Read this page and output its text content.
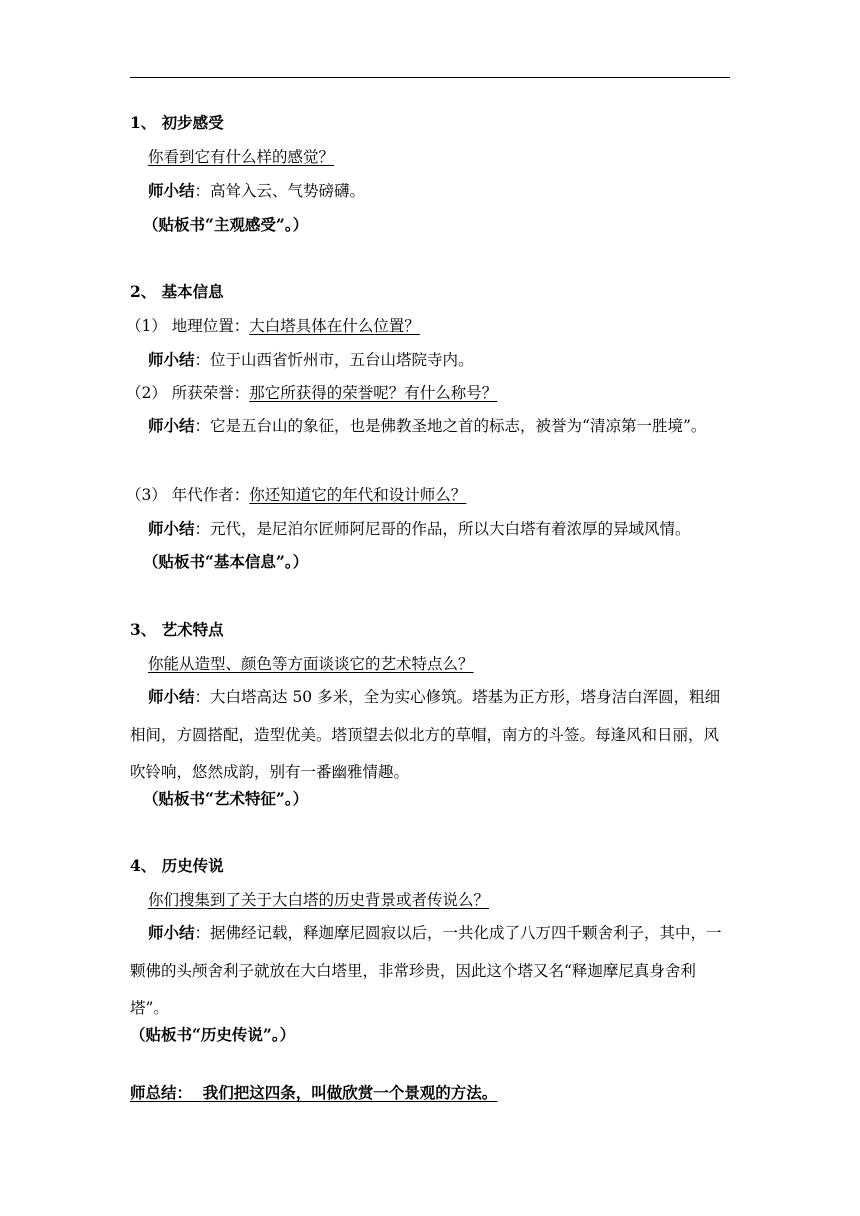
1、 初步感受
你看到它有什么样的感觉？
师小结：高耸入云、气势磅礴。
（贴板书“主观感受”。）
2、 基本信息
（1） 地理位置：大白塔具体在什么位置？
师小结：位于山西省忻州市，五台山塔院寺内。
（2） 所获荣誉：那它所获得的荣誉呢？有什么称号？
师小结：它是五台山的象征，也是佛教圣地之首的标志，被誉为“清凉第一胜境”。
（3） 年代作者：你还知道它的年代和设计师么？
师小结：元代，是尼泊尔匠师阿尼哥的作品，所以大白塔有着浓厚的异域风情。
（贴板书“基本信息”。）
3、 艺术特点
你能从造型、颜色等方面谈谈它的艺术特点么？
师小结：大白塔高达 50 多米，全为实心修筑。塔基为正方形，塔身洁白浑圆，粗细相间，方圆搭配，造型优美。塔顶望去似北方的草帽，南方的斗签。每逢风和日丽，风吹铃响，悠然成韵，别有一番幽雅情趣。
（贴板书“艺术特征”。）
4、 历史传说
你们搜集到了关于大白塔的历史背景或者传说么？
师小结：据佛经记载，释迦摩尼圆寂以后，一共化成了八万四千颗舍利子，其中，一颗佛的头颅舍利子就放在大白塔里，非常珍贵，因此这个塔又名“释迦摩尼真身舍利塔”。
（贴板书“历史传说”。）
师总结：  我们把这四条，叫做欣赏一个景观的方法。
